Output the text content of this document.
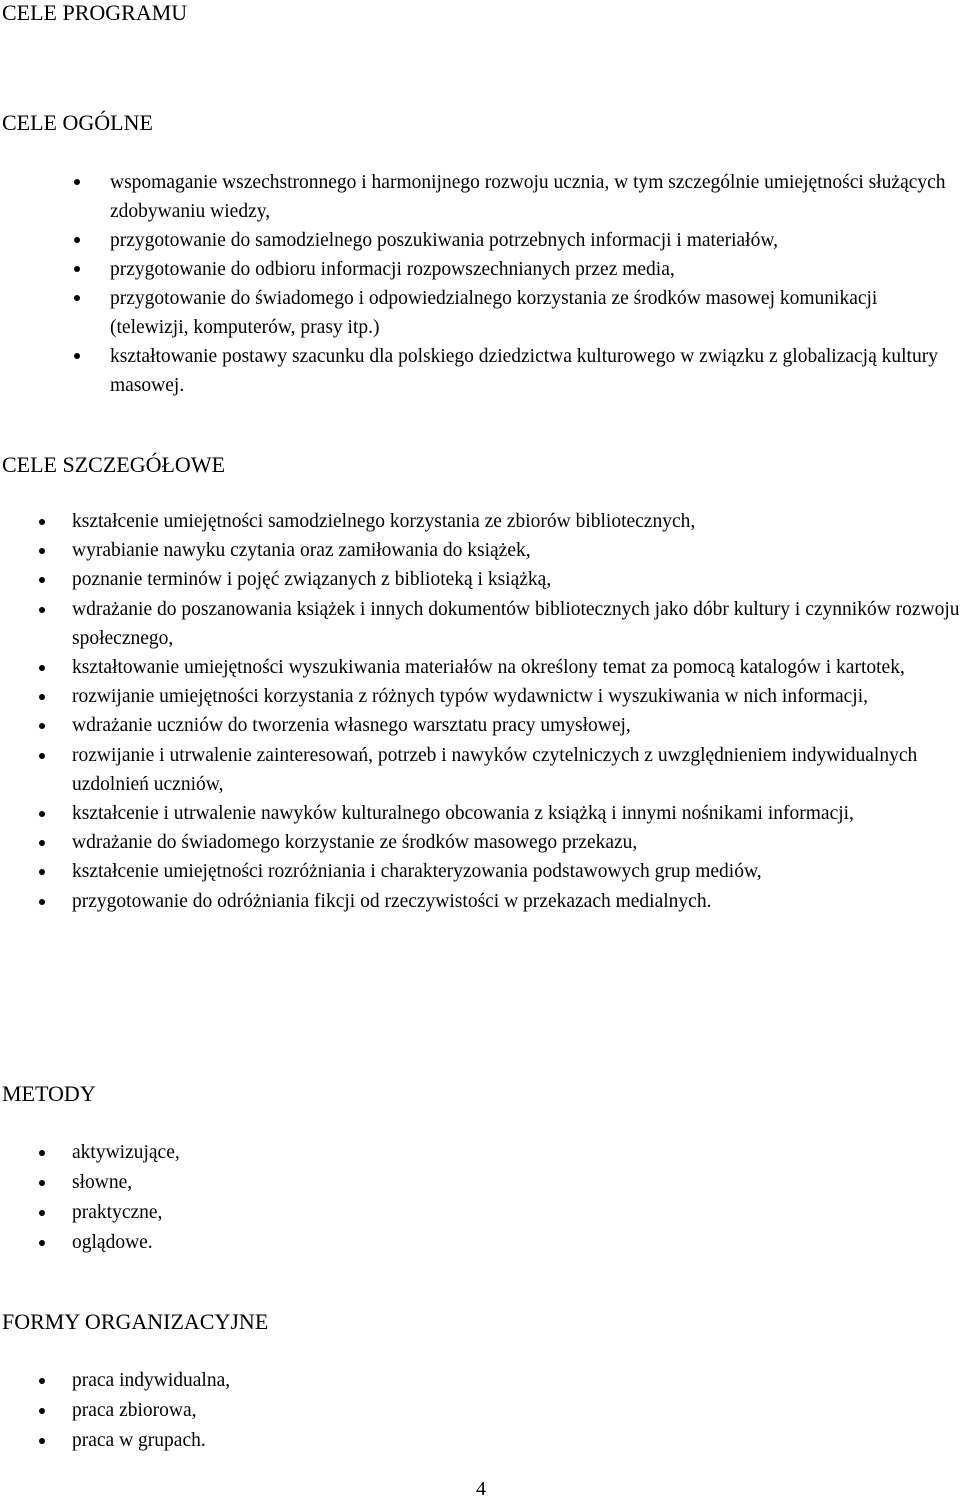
CELE PROGRAMU
CELE OGÓLNE
wspomaganie wszechstronnego i harmonijnego rozwoju ucznia, w tym szczególnie umiejętności służących zdobywaniu wiedzy,
przygotowanie do samodzielnego poszukiwania potrzebnych informacji i materiałów,
przygotowanie do odbioru informacji rozpowszechnianych przez media,
przygotowanie do świadomego i odpowiedzialnego korzystania ze środków masowej komunikacji (telewizji, komputerów, prasy itp.)
kształtowanie postawy szacunku dla polskiego dziedzictwa kulturowego w związku z globalizacją kultury masowej.
CELE SZCZEGÓŁOWE
kształcenie umiejętności samodzielnego korzystania ze zbiorów bibliotecznych,
wyrabianie nawyku czytania oraz zamiłowania do książek,
poznanie terminów i pojęć związanych z biblioteką i książką,
wdrażanie do poszanowania książek i innych dokumentów bibliotecznych jako dóbr kultury i czynników rozwoju społecznego,
kształtowanie umiejętności wyszukiwania materiałów na określony temat za pomocą katalogów i kartotek,
rozwijanie umiejętności korzystania z różnych typów wydawnictw i wyszukiwania w nich informacji,
wdrażanie uczniów do tworzenia własnego warsztatu pracy umysłowej,
rozwijanie i utrwalenie zainteresowań, potrzeb i nawyków czytelniczych z uwzględnieniem indywidualnych uzdolnień uczniów,
kształcenie i utrwalenie nawyków kulturalnego obcowania z książką i innymi nośnikami informacji,
wdrażanie do świadomego korzystanie ze środków masowego przekazu,
kształcenie umiejętności rozróżniania i charakteryzowania podstawowych grup mediów,
przygotowanie do odróżniania fikcji od rzeczywistości w przekazach medialnych.
METODY
aktywizujące,
słowne,
praktyczne,
oglądowe.
FORMY ORGANIZACYJNE
praca indywidualna,
praca zbiorowa,
praca w grupach.
4
